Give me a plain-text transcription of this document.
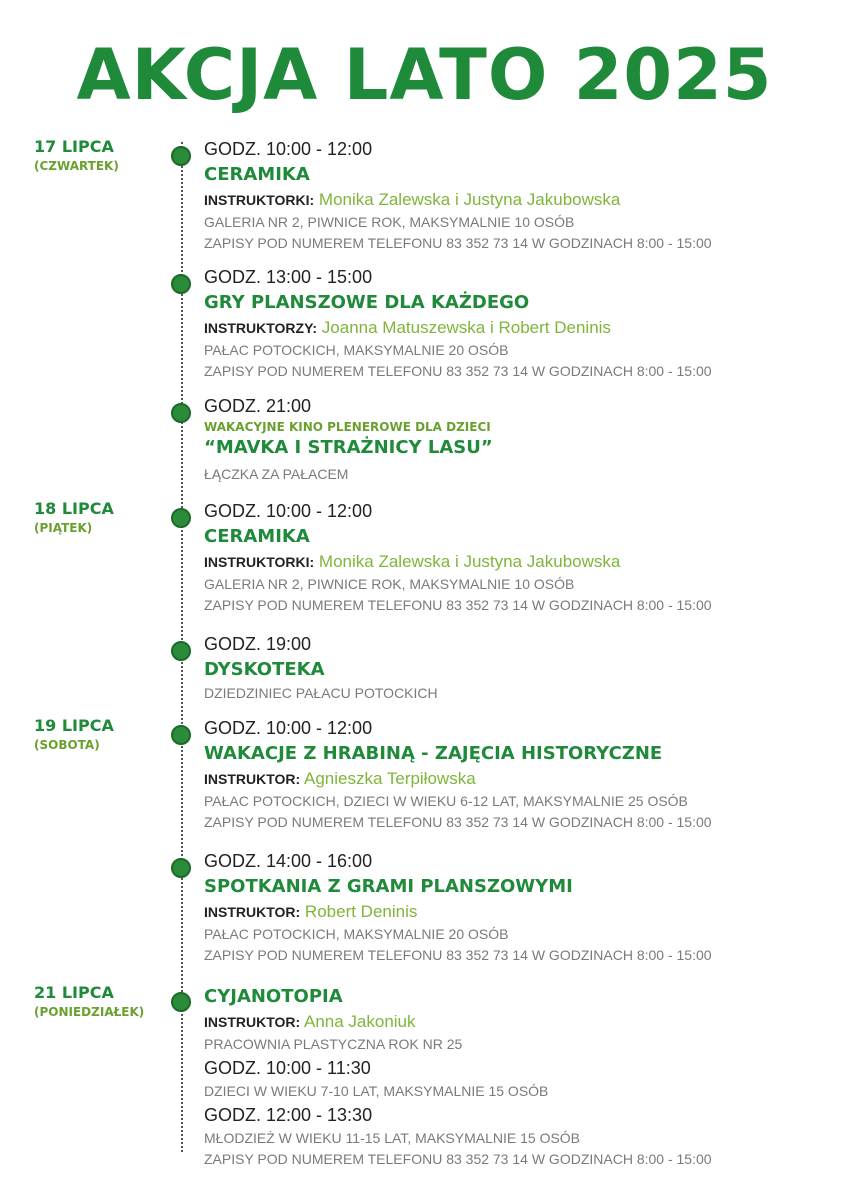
AKCJA LATO 2025
17 LIPCA
(CZWARTEK)
18 LIPCA
(PIĄTEK)
19 LIPCA
(SOBOTA)
21 LIPCA
(PONIEDZIAŁEK)
GODZ. 10:00 - 12:00
CERAMIKA
INSTRUKTORKI: Monika Zalewska i Justyna Jakubowska
GALERIA NR 2, PIWNICE ROK, MAKSYMALNIE 10 OSÓB
ZAPISY POD NUMEREM TELEFONU 83 352 73 14 W GODZINACH 8:00 - 15:00
GODZ. 13:00 - 15:00
GRY PLANSZOWE DLA KAŻDEGO
INSTRUKTORZY: Joanna Matuszewska i Robert Deninis
PAŁAC POTOCKICH, MAKSYMALNIE 20 OSÓB
ZAPISY POD NUMEREM TELEFONU 83 352 73 14 W GODZINACH 8:00 - 15:00
GODZ. 21:00
WAKACYJNE KINO PLENEROWE DLA DZIECI
“MAVKA I STRAŻNICY LASU”
ŁĄCZKA ZA PAŁACEM
GODZ. 10:00 - 12:00
CERAMIKA
INSTRUKTORKI: Monika Zalewska i Justyna Jakubowska
GALERIA NR 2, PIWNICE ROK, MAKSYMALNIE 10 OSÓB
ZAPISY POD NUMEREM TELEFONU 83 352 73 14 W GODZINACH 8:00 - 15:00
GODZ. 19:00
DYSKOTEKA
DZIEDZINIEC PAŁACU POTOCKICH
GODZ. 10:00 - 12:00
WAKACJE Z HRABINĄ - ZAJĘCIA HISTORYCZNE
INSTRUKTOR: Agnieszka Terpiłowska
PAŁAC POTOCKICH, DZIECI W WIEKU 6-12 LAT, MAKSYMALNIE 25 OSÓB
ZAPISY POD NUMEREM TELEFONU 83 352 73 14 W GODZINACH 8:00 - 15:00
GODZ. 14:00 - 16:00
SPOTKANIA Z GRAMI PLANSZOWYMI
INSTRUKTOR: Robert Deninis
PAŁAC POTOCKICH, MAKSYMALNIE 20 OSÓB
ZAPISY POD NUMEREM TELEFONU 83 352 73 14 W GODZINACH 8:00 - 15:00
CYJANOTOPIA
INSTRUKTOR: Anna Jakoniuk
PRACOWNIA PLASTYCZNA ROK NR 25
GODZ. 10:00 - 11:30
DZIECI W WIEKU 7-10 LAT, MAKSYMALNIE 15 OSÓB
GODZ. 12:00 - 13:30
MŁODZIEŻ W WIEKU 11-15 LAT, MAKSYMALNIE 15 OSÓB
ZAPISY POD NUMEREM TELEFONU 83 352 73 14 W GODZINACH 8:00 - 15:00
